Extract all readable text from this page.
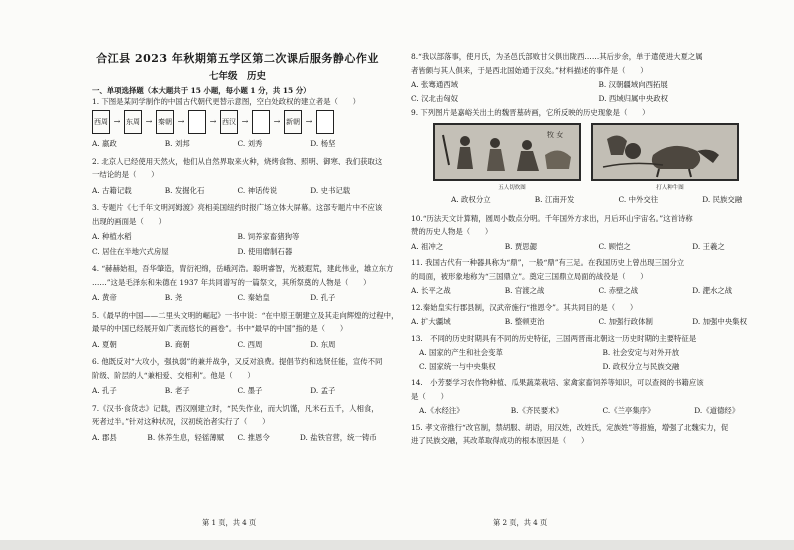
合江县 2023 年秋期第五学区第二次课后服务静心作业
七年级　历史
一、单项选择题（本大题共于 15 小题，每小题 1 分，共 15 分）

1. 下图是某同学制作的中国古代朝代更替示意图，空白处政权的建立者是（　　）

西周 → 东周 → 秦朝 →	→ 西汉 →	→ 新朝 →
A. 嬴政	B. 刘邦	C. 刘秀	D. 杨坚

2. 北京人已经使用天然火，他们从自然界取来火种，烧烤食物、照明、御寒、我们获取这

一结论的是（　　）

A. 古籍记载	B. 发掘化石	C. 神话传说	D. 史书记载

3. 专题片《七千年文明河姆渡》亮相美国纽约时报广场立体大屏幕。这部专题片中不应该

出现的画面是（　　）

A. 种植水稻	B. 饲养家畜猪狗等
C. 居住在半地穴式房屋	D. 使用磨制石器

4. “赫赫始祖，吾华肇造，胄衍祀绵，岳峨河浩。聪明睿智，光被遐荒，建此伟业，雄立东方

……”这是毛泽东和朱德在 1937 年共同谱写的一篇祭文，其所祭奠的人物是（　　）

A. 黄帝	B. 尧	C. 秦始皇	D. 孔子

5.《最早的中国——二里头文明的崛起》一书中说：“在中原王朝建立及其走向辉煌的过程中，

最早的中国已经展开如广袤而悠长的画卷”。书中“最早的中国”指的是（　　）

A. 夏朝	B. 商朝	C. 西周	D. 东周

6. 他既反对“大攻小，强执弱”的兼并战争，又反对浪费。提倡节约和选贤任能，宣传不同

阶级、阶层的人“兼相爱、交相利”。他是（　　）

A. 孔子	B. 老子	C. 墨子	D. 孟子

7.《汉书·食货志》记载，西汉刚建立时，“民失作业，而大饥馑，凡米石五千，人相食，

死者过半。”针对这种状况，汉初统治者实行了（　　）

A. 郡县	B. 休养生息，轻徭薄赋	C. 推恩令	D. 盐铁官营，统一铸币
第 1 页，共 4 页

8.“我以部落事，使月氏，为圣邑氏部败甘父俱出陇西……其后步余，单于遣使进大夏之属

者皆颇与其人俱来，于是西北国始通于汉矣。”材料描述的事件是（　　）

A. 张骞通西域	B. 汉朝疆域向西拓展
C. 汉北击匈奴	D. 西域归属中央政权

9. 下列图片是嘉峪关出土的魏晋墓砖画，它所反映的历史现象是（　　）

牧 女
五人切炊图	打人种牛图
A. 政权分立	B. 江南开发	C. 中外交往	D. 民族交融

10.“历法天文计算精，圆周小数点分明。千年国外方求出，月后环山宇宙名。”这首诗称

赞的历史人物是（　　）

A. 祖冲之	B. 贾思勰	C. 顾恺之	D. 王羲之

11. 我国古代有一种器具称为“鼎”，一般“鼎”有三足。在我国历史上曾出现三国分立

的局面，被形象地称为“三国鼎立”。奠定三国鼎立局面的战役是（　　）

A. 长平之战	B. 官渡之战	C. 赤壁之战	D. 淝水之战

12.秦始皇实行郡县制，汉武帝施行“推恩令”。其共同目的是（　　）

A. 扩大疆域	B. 整顿吏治	C. 加强行政体制	D. 加强中央集权

13.　不同的历史时期具有不同的历史特征，三国两晋南北朝这一历史时期的主要特征是

A. 国家的产生和社会变革	B. 社会安定与对外开放
C. 国家统一与中央集权	D. 政权分立与民族交融

14.　小芳要学习农作物种植、瓜果蔬菜栽培、家禽家畜饲养等知识，可以查阅的书籍应该

是（　　）

A.《水经注》	B.《齐民要术》	C.《兰亭集序》	D.《道德经》

15. 孝文帝推行“改官制，禁胡服、胡语，用汉姓，改姓氏，定族姓”等措施，增强了北魏实力，促

进了民族交融，其改革取得成功的根本原因是（　　）

第 2 页，共 4 页
